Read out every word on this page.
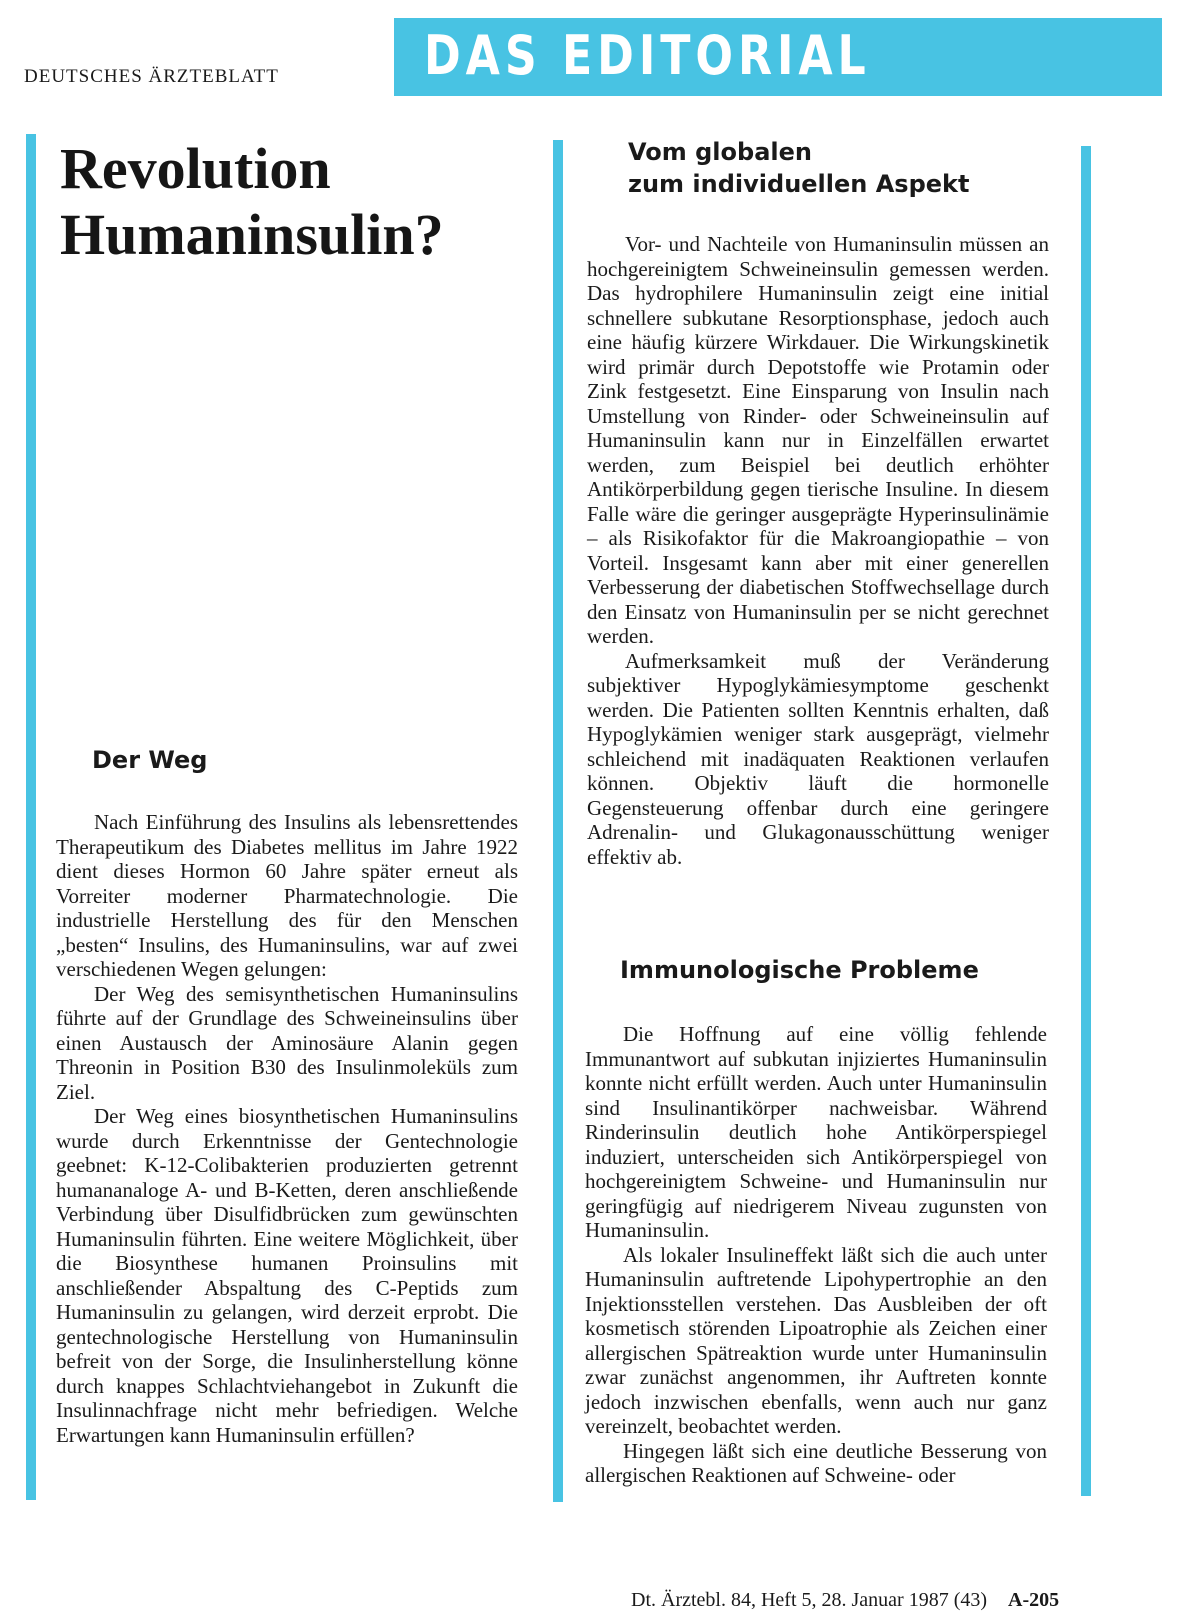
DEUTSCHES ÄRZTEBLATT	DAS EDITORIAL
Revolution
Humaninsulin?
Der Weg

Nach Einführung des Insulins als lebensrettendes Therapeutikum des Diabetes mellitus im Jahre 1922 dient dieses Hormon 60 Jahre später erneut als Vorreiter moderner Pharmatechnologie. Die industrielle Herstellung des für den Menschen „besten“ Insulins, des Humaninsulins, war auf zwei verschiedenen Wegen gelungen:

Der Weg des semisynthetischen Humaninsulins führte auf der Grundlage des Schweineinsulins über einen Austausch der Aminosäure Alanin gegen Threonin in Position B30 des Insulinmoleküls zum Ziel.

Der Weg eines biosynthetischen Humaninsulins wurde durch Erkenntnisse der Gentechnologie geebnet: K-12-Colibakterien produzierten getrennt humananaloge A- und B-Ketten, deren anschließende Verbindung über Disulfidbrücken zum gewünschten Humaninsulin führten. Eine weitere Möglichkeit, über die Biosynthese humanen Proinsulins mit anschließender Abspaltung des C-Peptids zum Humaninsulin zu gelangen, wird derzeit erprobt. Die gentechnologische Herstellung von Humaninsulin befreit von der Sorge, die Insulinherstellung könne durch knappes Schlachtviehangebot in Zukunft die Insulinnachfrage nicht mehr befriedigen. Welche Erwartungen kann Humaninsulin erfüllen?

Vom globalen
zum individuellen Aspekt

Vor- und Nachteile von Humaninsulin müssen an hochgereinigtem Schweineinsulin gemessen werden. Das hydrophilere Humaninsulin zeigt eine initial schnellere subkutane Resorptionsphase, jedoch auch eine häufig kürzere Wirkdauer. Die Wirkungskinetik wird primär durch Depotstoffe wie Protamin oder Zink festgesetzt. Eine Einsparung von Insulin nach Umstellung von Rinder- oder Schweineinsulin auf Humaninsulin kann nur in Einzelfällen erwartet werden, zum Beispiel bei deutlich erhöhter Antikörperbildung gegen tierische Insuline. In diesem Falle wäre die geringer ausgeprägte Hyperinsulinämie – als Risikofaktor für die Makroangiopathie – von Vorteil. Insgesamt kann aber mit einer generellen Verbesserung der diabetischen Stoffwechsellage durch den Einsatz von Humaninsulin per se nicht gerechnet werden.

Aufmerksamkeit muß der Veränderung subjektiver Hypoglykämiesymptome geschenkt werden. Die Patienten sollten Kenntnis erhalten, daß Hypoglykämien weniger stark ausgeprägt, vielmehr schleichend mit inadäquaten Reaktionen verlaufen können. Objektiv läuft die hormonelle Gegensteuerung offenbar durch eine geringere Adrenalin- und Glukagonausschüttung weniger effektiv ab.

Immunologische Probleme

Die Hoffnung auf eine völlig fehlende Immunantwort auf subkutan injiziertes Humaninsulin konnte nicht erfüllt werden. Auch unter Humaninsulin sind Insulinantikörper nachweisbar. Während Rinderinsulin deutlich hohe Antikörperspiegel induziert, unterscheiden sich Antikörperspiegel von hochgereinigtem Schweine- und Humaninsulin nur geringfügig auf niedrigerem Niveau zugunsten von Humaninsulin.

Als lokaler Insulineffekt läßt sich die auch unter Humaninsulin auftretende Lipohypertrophie an den Injektionsstellen verstehen. Das Ausbleiben der oft kosmetisch störenden Lipoatrophie als Zeichen einer allergischen Spätreaktion wurde unter Humaninsulin zwar zunächst angenommen, ihr Auftreten konnte jedoch inzwischen ebenfalls, wenn auch nur ganz vereinzelt, beobachtet werden.

Hingegen läßt sich eine deutliche Besserung von allergischen Reaktionen auf Schweine- oder

Dt. Ärztebl. 84, Heft 5, 28. Januar 1987 (43) A-205
